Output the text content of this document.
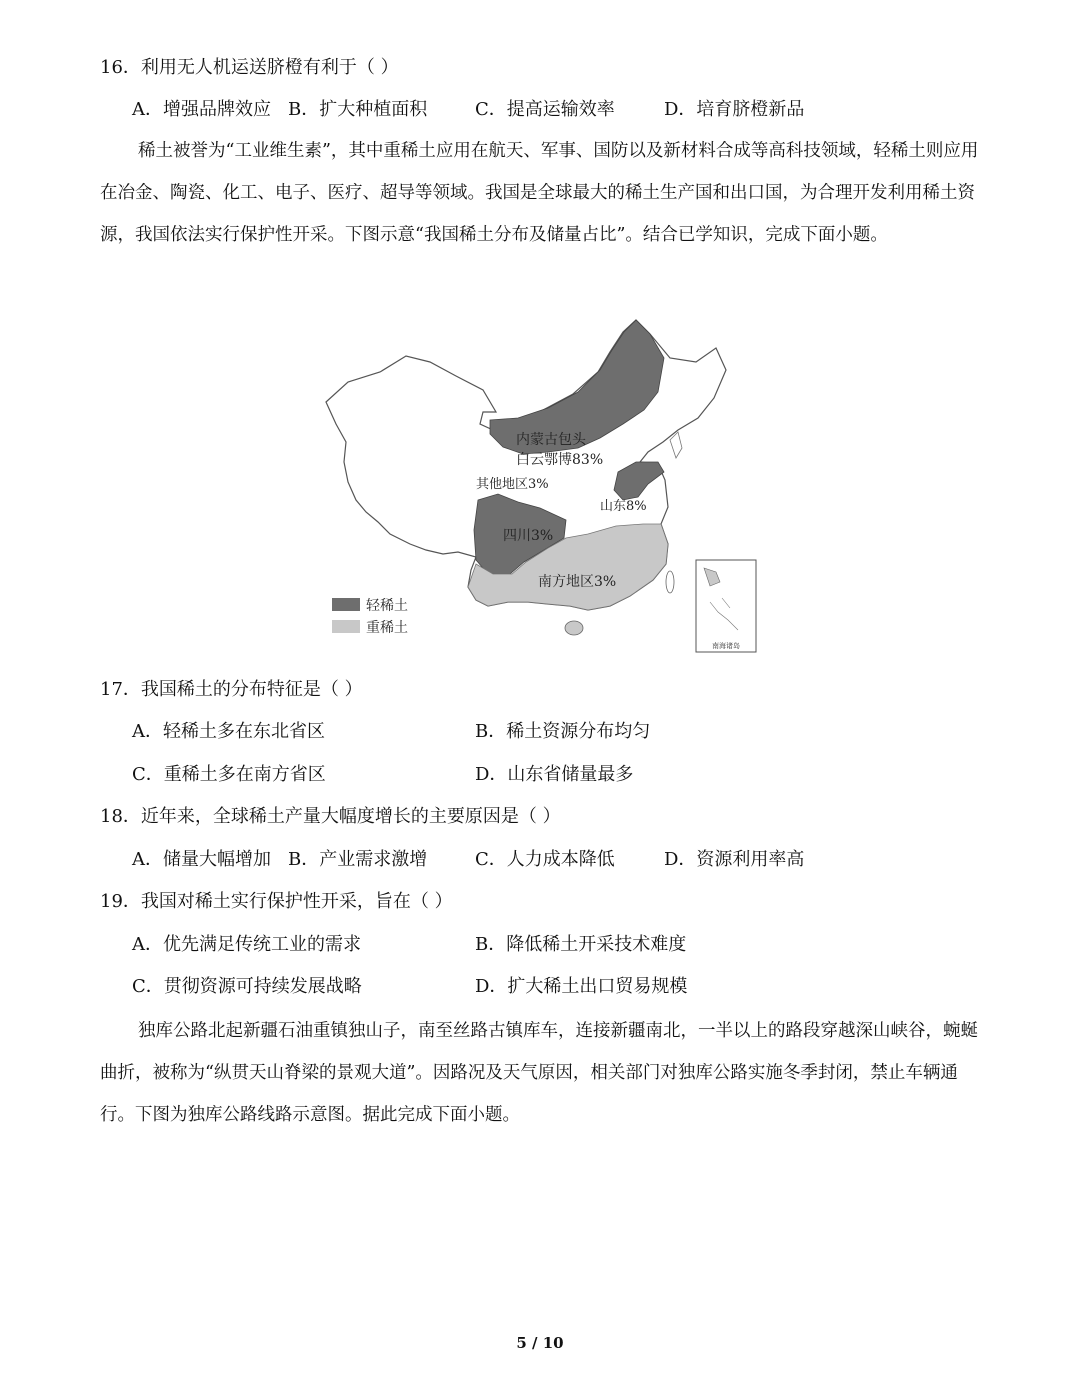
16．利用无人机运送脐橙有利于（ ）
A．增强品牌效应 B．扩大种植面积	C．提高运输效率	D．培育脐橙新品

稀土被誉为“工业维生素”，其中重稀土应用在航天、军事、国防以及新材料合成等高科技领域，轻稀土则应用在冶金、陶瓷、化工、电子、医疗、超导等领域。我国是全球最大的稀土生产国和出口国，为合理开发利用稀土资源，我国依法实行保护性开采。下图示意“我国稀土分布及储量占比”。结合已学知识，完成下面小题。

南海诸岛
内蒙古包头
白云鄂博83%
其他地区3%
山东8%
四川3%
南方地区3%
轻稀土
重稀土
17．我国稀土的分布特征是（ ）
A．轻稀土多在东北省区	B．稀土资源分布均匀
C．重稀土多在南方省区	D．山东省储量最多
18．近年来，全球稀土产量大幅度增长的主要原因是（ ）
A．储量大幅增加 B．产业需求激增	C．人力成本降低	D．资源利用率高
19．我国对稀土实行保护性开采，旨在（ ）
A．优先满足传统工业的需求	B．降低稀土开采技术难度
C．贯彻资源可持续发展战略	D．扩大稀土出口贸易规模

独库公路北起新疆石油重镇独山子，南至丝路古镇库车，连接新疆南北，一半以上的路段穿越深山峡谷，蜿蜒曲折，被称为“纵贯天山脊梁的景观大道”。因路况及天气原因，相关部门对独库公路实施冬季封闭，禁止车辆通行。下图为独库公路线路示意图。据此完成下面小题。

5 / 10
